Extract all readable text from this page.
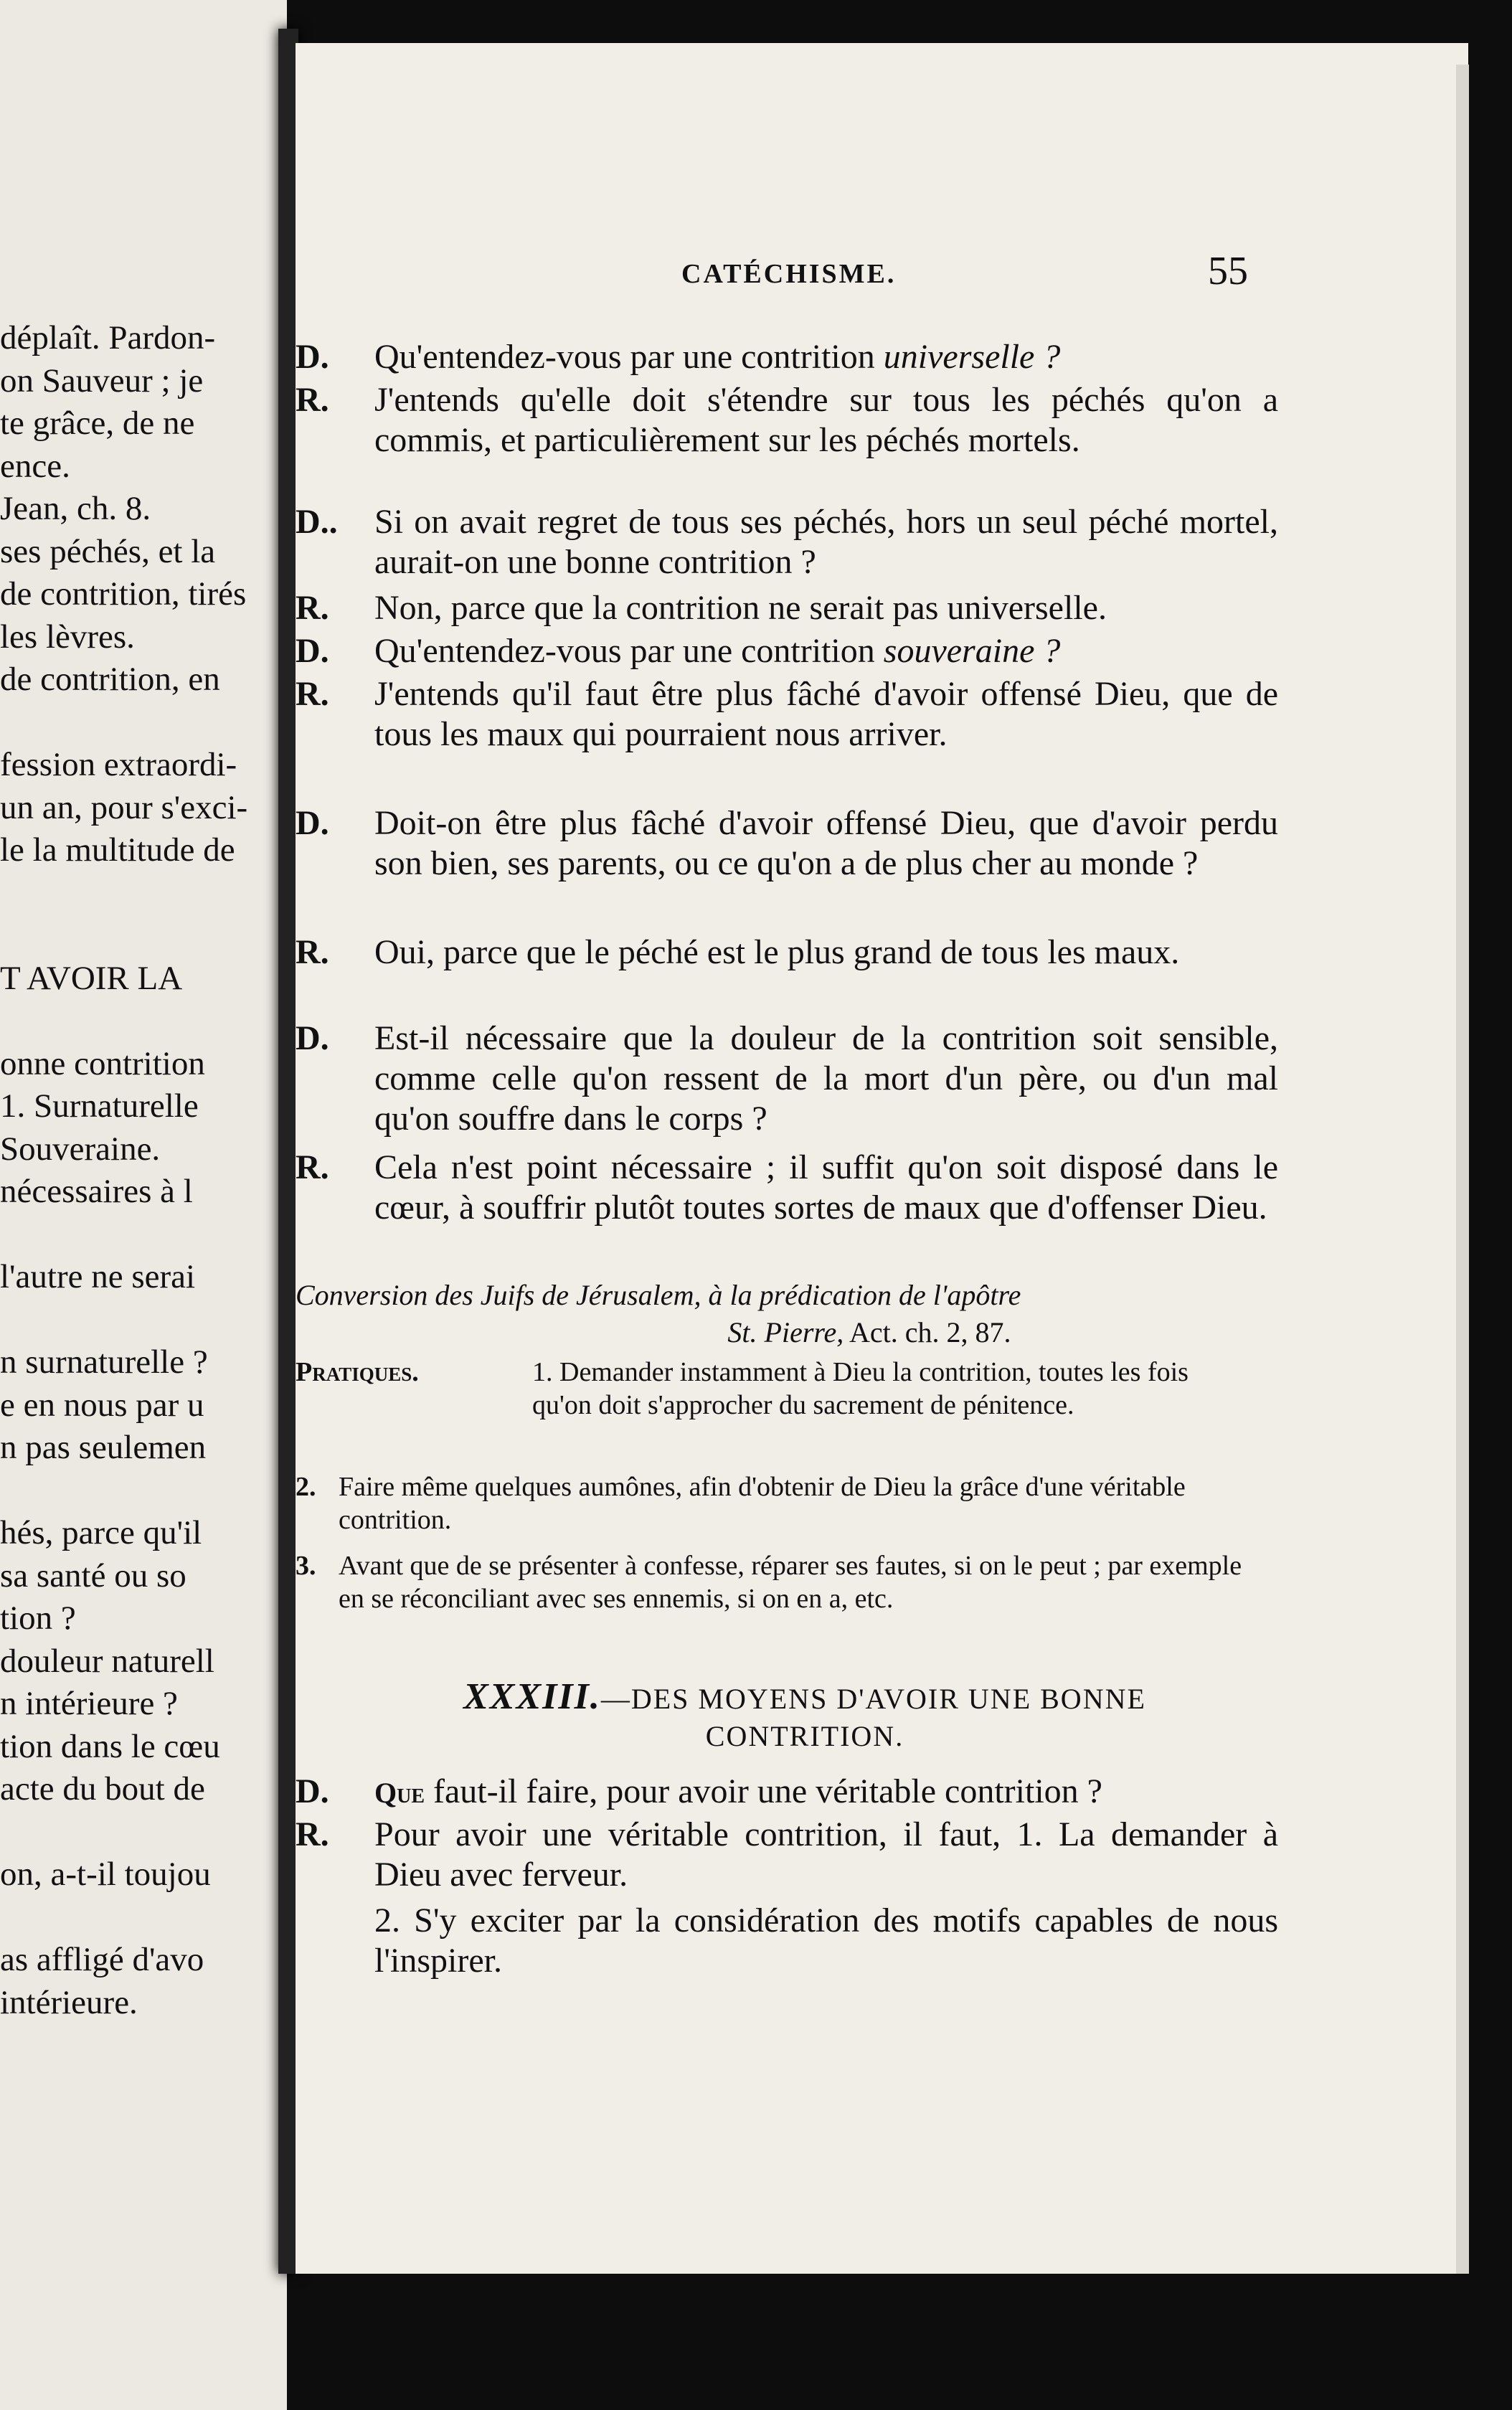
déplaît. Pardon-
on Sauveur ; je
te grâce, de ne
ence.
Jean, ch. 8.
ses péchés, et la
de contrition, tirés
les lèvres.
de contrition, en
fession extraordi-
un an, pour s'exci-
le la multitude de
T AVOIR LA
onne contrition
1. Surnaturelle
Souveraine.
nécessaires à l
l'autre ne serai
n surnaturelle ?
e en nous par u
n pas seulemen
hés, parce qu'il
sa santé ou so
tion ?
douleur naturell
n intérieure ?
tion dans le cœu
acte du bout de
on, a-t-il toujou
as affligé d'avo
intérieure.
CATÉCHISME.	55
D. Qu'entendez-vous par une contrition universelle ?
R. J'entends qu'elle doit s'étendre sur tous les péchés qu'on a commis, et particulièrement sur les péchés mortels.
D.. Si on avait regret de tous ses péchés, hors un seul péché mortel, aurait-on une bonne contrition ?
R. Non, parce que la contrition ne serait pas universelle.
D. Qu'entendez-vous par une contrition souveraine ?
R. J'entends qu'il faut être plus fâché d'avoir offensé Dieu, que de tous les maux qui pourraient nous arriver.
D. Doit-on être plus fâché d'avoir offensé Dieu, que d'avoir perdu son bien, ses parents, ou ce qu'on a de plus cher au monde ?
R. Oui, parce que le péché est le plus grand de tous les maux.
D. Est-il nécessaire que la douleur de la contrition soit sensible, comme celle qu'on ressent de la mort d'un père, ou d'un mal qu'on souffre dans le corps ?
R. Cela n'est point nécessaire ; il suffit qu'on soit disposé dans le cœur, à souffrir plutôt toutes sortes de maux que d'offenser Dieu.
Conversion des Juifs de Jérusalem, à la prédication de l'apôtre
St. Pierre, Act. ch. 2, 87.
Pratiques.	1. Demander instamment à Dieu la contrition, toutes les fois qu'on doit s'approcher du sacrement de pénitence.
2. Faire même quelques aumônes, afin d'obtenir de Dieu la grâce d'une véritable contrition.
3. Avant que de se présenter à confesse, réparer ses fautes, si on le peut ; par exemple en se réconciliant avec ses ennemis, si on en a, etc.
XXXIII.—DES MOYENS D'AVOIR UNE BONNE
CONTRITION.
D. Que faut-il faire, pour avoir une véritable contrition ?
R. Pour avoir une véritable contrition, il faut, 1. La demander à Dieu avec ferveur.
2. S'y exciter par la considération des motifs capables de nous l'inspirer.
